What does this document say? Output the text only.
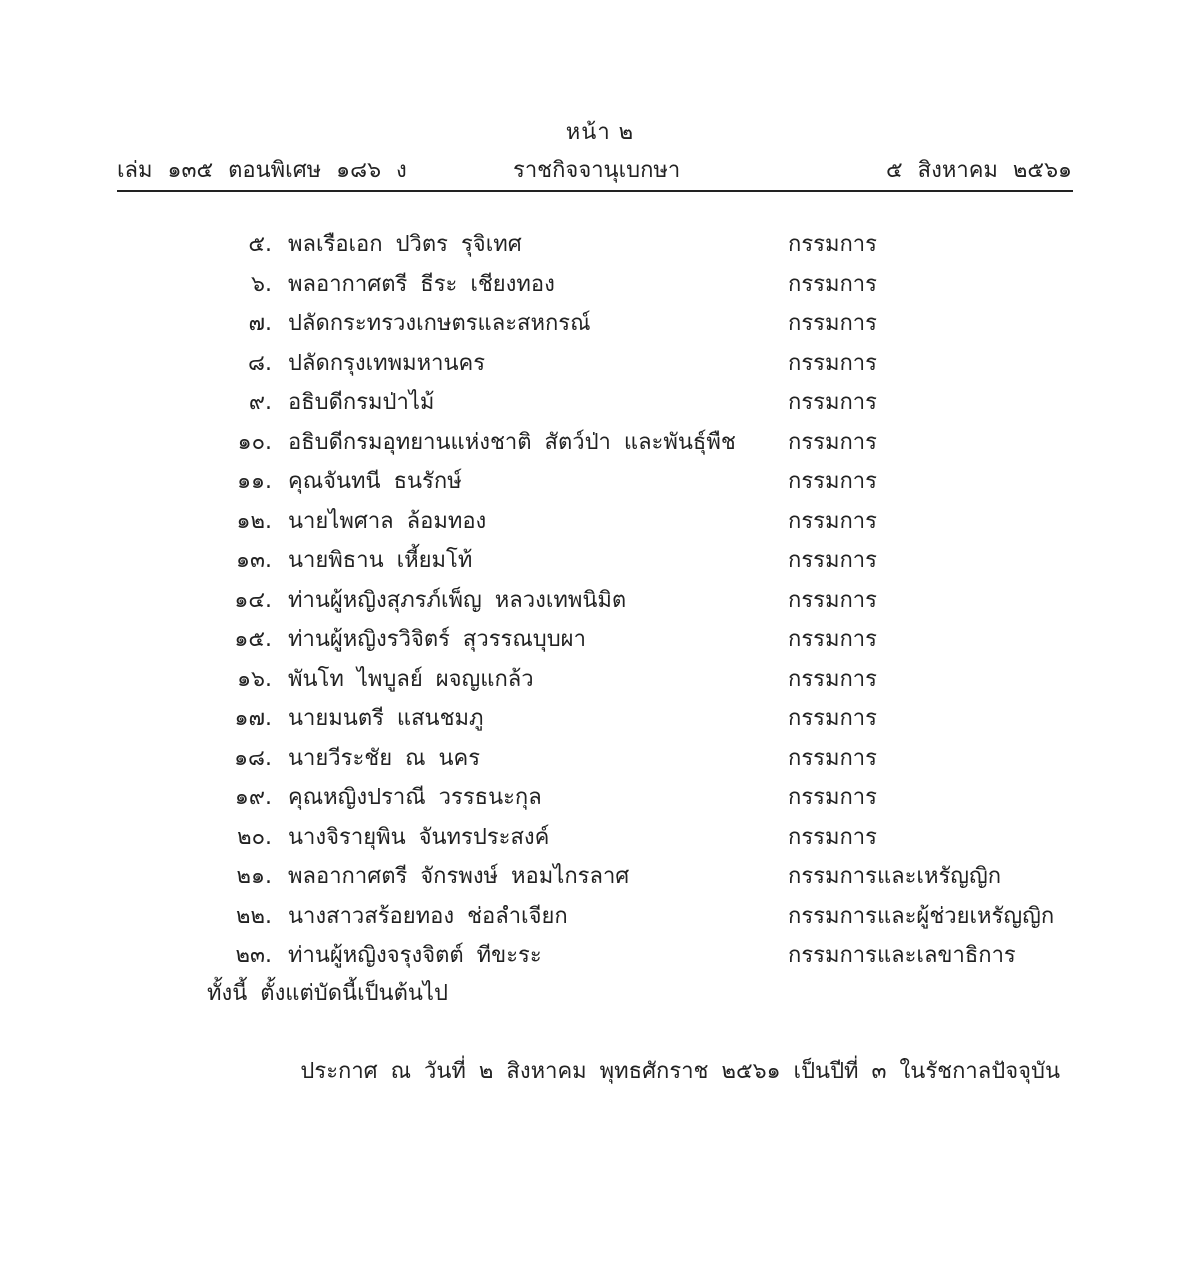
หน้า ๒
เล่ม ๑๓๕ ตอนพิเศษ ๑๘๖ ง	ราชกิจจานุเบกษา	๕ สิงหาคม ๒๕๖๑
๕. พลเรือเอก ปวิตร รุจิเทศ	กรรมการ
๖. พลอากาศตรี ธีระ เชียงทอง	กรรมการ
๗. ปลัดกระทรวงเกษตรและสหกรณ์	กรรมการ
๘. ปลัดกรุงเทพมหานคร	กรรมการ
๙. อธิบดีกรมป่าไม้	กรรมการ
๑๐. อธิบดีกรมอุทยานแห่งชาติ สัตว์ป่า และพันธุ์พืช กรรมการ
๑๑. คุณจันทนี ธนรักษ์	กรรมการ
๑๒. นายไพศาล ล้อมทอง	กรรมการ
๑๓. นายพิธาน เหี้ยมโท้	กรรมการ
๑๔. ท่านผู้หญิงสุภรภ์เพ็ญ หลวงเทพนิมิต	กรรมการ
๑๕. ท่านผู้หญิงรวิจิตร์ สุวรรณบุบผา	กรรมการ
๑๖. พันโท ไพบูลย์ ผจญแกล้ว	กรรมการ
๑๗. นายมนตรี แสนชมภู	กรรมการ
๑๘. นายวีระชัย ณ นคร	กรรมการ
๑๙. คุณหญิงปราณี วรรธนะกุล	กรรมการ
๒๐. นางจิรายุพิน จันทรประสงค์	กรรมการ
๒๑. พลอากาศตรี จักรพงษ์ หอมไกรลาศ	กรรมการและเหรัญญิก
๒๒. นางสาวสร้อยทอง ช่อลำเจียก	กรรมการและผู้ช่วยเหรัญญิก
๒๓. ท่านผู้หญิงจรุงจิตต์ ทีขะระ	กรรมการและเลขาธิการ
ทั้งนี้ ตั้งแต่บัดนี้เป็นต้นไป
ประกาศ ณ วันที่ ๒ สิงหาคม พุทธศักราช ๒๕๖๑ เป็นปีที่ ๓ ในรัชกาลปัจจุบัน
